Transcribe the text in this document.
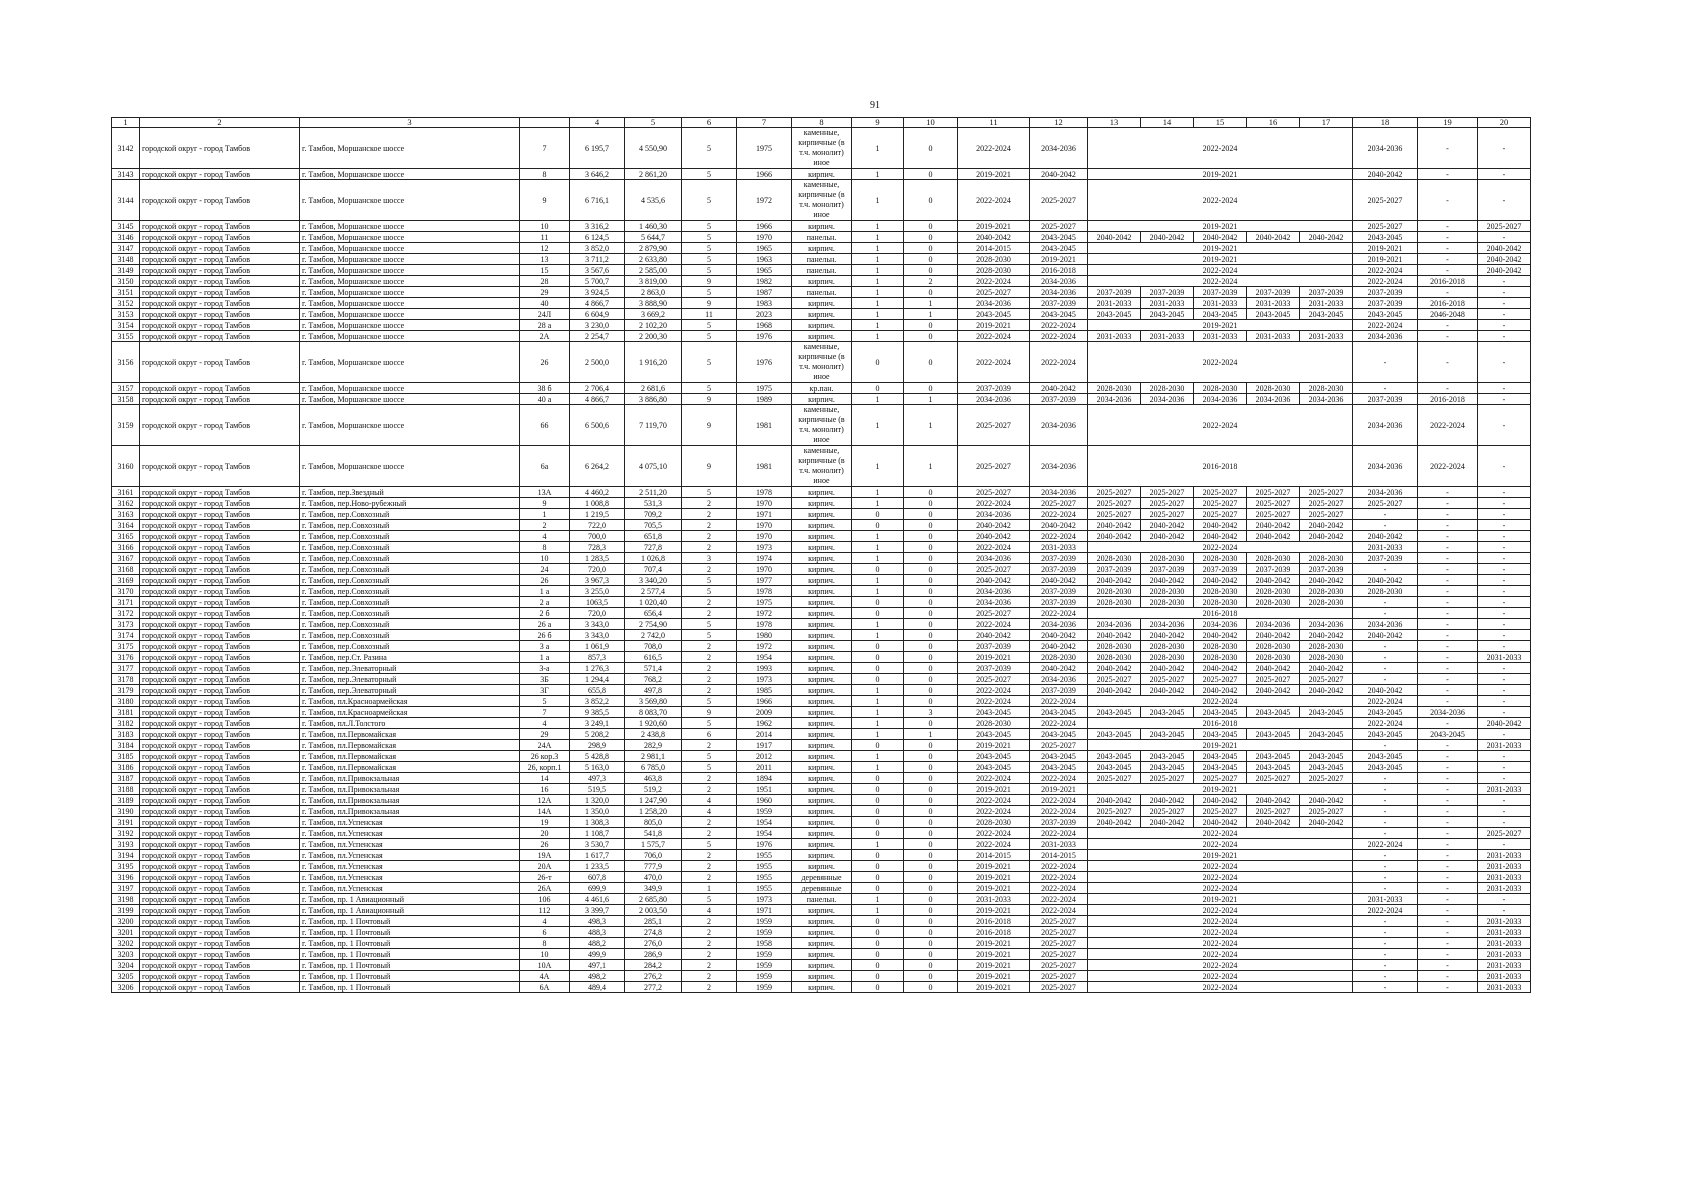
91
1	2	3		4	5	6	7	8	9	10	11	12	13	14	15	16	17	18	19	20
3142	городской округ - город Тамбов	г. Тамбов, Моршанское шоссе	7	6 195,7	4 550,90	5	1975	каменные, кирпичные (в т.ч. монолит) иное	1	0	2022-2024	2034-2036	2022-2024					2034-2036	-	-
3143	городской округ - город Тамбов	г. Тамбов, Моршанское шоссе	8	3 646,2	2 861,20	5	1966	кирпич.	1	0	2019-2021	2040-2042	2019-2021					2040-2042	-	-
3144	городской округ - город Тамбов	г. Тамбов, Моршанское шоссе	9	6 716,1	4 535,6	5	1972	каменные, кирпичные (в т.ч. монолит) иное	1	0	2022-2024	2025-2027	2022-2024					2025-2027	-	-
3145	городской округ - город Тамбов	г. Тамбов, Моршанское шоссе	10	3 316,2	1 460,30	5	1966	кирпич.	1	0	2019-2021	2025-2027	2019-2021					2025-2027	-	2025-2027
3146	городской округ - город Тамбов	г. Тамбов, Моршанское шоссе	11	6 124,5	5 644,7	5	1970	панельн.	1	0	2040-2042	2043-2045	2040-2042	2040-2042	2040-2042	2040-2042	2040-2042	2043-2045	-	-
3147	городской округ - город Тамбов	г. Тамбов, Моршанское шоссе	12	3 852,0	2 879,90	5	1965	кирпич.	1	0	2014-2015	2043-2045	2019-2021					2019-2021	-	2040-2042
3148	городской округ - город Тамбов	г. Тамбов, Моршанское шоссе	13	3 711,2	2 633,80	5	1963	панельн.	1	0	2028-2030	2019-2021	2019-2021					2019-2021	-	2040-2042
3149	городской округ - город Тамбов	г. Тамбов, Моршанское шоссе	15	3 567,6	2 585,00	5	1965	панельн.	1	0	2028-2030	2016-2018	2022-2024					2022-2024	-	2040-2042
3150	городской округ - город Тамбов	г. Тамбов, Моршанское шоссе	28	5 700,7	3 819,00	9	1982	кирпич.	1	2	2022-2024	2034-2036	2022-2024					2022-2024	2016-2018	-
3151	городской округ - город Тамбов	г. Тамбов, Моршанское шоссе	29	3 924,5	2 863,0	5	1987	панельн.	1	0	2025-2027	2034-2036	2037-2039	2037-2039	2037-2039	2037-2039	2037-2039	2037-2039	-	-
3152	городской округ - город Тамбов	г. Тамбов, Моршанское шоссе	40	4 866,7	3 888,90	9	1983	кирпич.	1	1	2034-2036	2037-2039	2031-2033	2031-2033	2031-2033	2031-2033	2031-2033	2037-2039	2016-2018	-
3153	городской округ - город Тамбов	г. Тамбов, Моршанское шоссе	24Л	6 604,9	3 669,2	11	2023	кирпич.	1	1	2043-2045	2043-2045	2043-2045	2043-2045	2043-2045	2043-2045	2043-2045	2043-2045	2046-2048	-
3154	городской округ - город Тамбов	г. Тамбов, Моршанское шоссе	28 а	3 230,0	2 102,20	5	1968	кирпич.	1	0	2019-2021	2022-2024	2019-2021					2022-2024	-	-
3155	городской округ - город Тамбов	г. Тамбов, Моршанское шоссе	2А	2 254,7	2 200,30	5	1976	кирпич.	1	0	2022-2024	2022-2024	2031-2033	2031-2033	2031-2033	2031-2033	2031-2033	2034-2036	-	-
3156	городской округ - город Тамбов	г. Тамбов, Моршанское шоссе	26	2 500,0	1 916,20	5	1976	каменные, кирпичные (в т.ч. монолит) иное	0	0	2022-2024	2022-2024	2022-2024					-	-	-
3157	городской округ - город Тамбов	г. Тамбов, Моршанское шоссе	38 б	2 706,4	2 681,6	5	1975	кр.пан.	0	0	2037-2039	2040-2042	2028-2030	2028-2030	2028-2030	2028-2030	2028-2030	-	-	-
3158	городской округ - город Тамбов	г. Тамбов, Моршанское шоссе	40 а	4 866,7	3 886,80	9	1989	кирпич.	1	1	2034-2036	2037-2039	2034-2036	2034-2036	2034-2036	2034-2036	2034-2036	2037-2039	2016-2018	-
3159	городской округ - город Тамбов	г. Тамбов, Моршанское шоссе	66	6 500,6	7 119,70	9	1981	каменные, кирпичные (в т.ч. монолит) иное	1	1	2025-2027	2034-2036	2022-2024					2034-2036	2022-2024	-
3160	городской округ - город Тамбов	г. Тамбов, Моршанское шоссе	6а	6 264,2	4 075,10	9	1981	каменные, кирпичные (в т.ч. монолит) иное	1	1	2025-2027	2034-2036	2016-2018					2034-2036	2022-2024	-
3161	городской округ - город Тамбов	г. Тамбов, пер.Звездный	13А	4 460,2	2 511,20	5	1978	кирпич.	1	0	2025-2027	2034-2036	2025-2027	2025-2027	2025-2027	2025-2027	2025-2027	2034-2036	-	-
3162	городской округ - город Тамбов	г. Тамбов, пер.Ново-рубежный	9	1 008,8	531,3	2	1970	кирпич.	1	0	2022-2024	2025-2027	2025-2027	2025-2027	2025-2027	2025-2027	2025-2027	2025-2027	-	-
3163	городской округ - город Тамбов	г. Тамбов, пер.Совхозный	1	1 219,5	709,2	2	1971	кирпич.	0	0	2034-2036	2022-2024	2025-2027	2025-2027	2025-2027	2025-2027	2025-2027	-	-	-
3164	городской округ - город Тамбов	г. Тамбов, пер.Совхозный	2	722,0	705,5	2	1970	кирпич.	0	0	2040-2042	2040-2042	2040-2042	2040-2042	2040-2042	2040-2042	2040-2042	-	-	-
3165	городской округ - город Тамбов	г. Тамбов, пер.Совхозный	4	700,0	651,8	2	1970	кирпич.	1	0	2040-2042	2022-2024	2040-2042	2040-2042	2040-2042	2040-2042	2040-2042	2040-2042	-	-
3166	городской округ - город Тамбов	г. Тамбов, пер.Совхозный	8	728,3	727,8	2	1973	кирпич.	1	0	2022-2024	2031-2033	2022-2024					2031-2033	-	-
3167	городской округ - город Тамбов	г. Тамбов, пер.Совхозный	10	1 283,5	1 026,8	3	1974	кирпич.	1	0	2034-2036	2037-2039	2028-2030	2028-2030	2028-2030	2028-2030	2028-2030	2037-2039	-	-
3168	городской округ - город Тамбов	г. Тамбов, пер.Совхозный	24	720,0	707,4	2	1970	кирпич.	0	0	2025-2027	2037-2039	2037-2039	2037-2039	2037-2039	2037-2039	2037-2039	-	-	-
3169	городской округ - город Тамбов	г. Тамбов, пер.Совхозный	26	3 967,3	3 340,20	5	1977	кирпич.	1	0	2040-2042	2040-2042	2040-2042	2040-2042	2040-2042	2040-2042	2040-2042	2040-2042	-	-
3170	городской округ - город Тамбов	г. Тамбов, пер.Совхозный	1 а	3 255,0	2 577,4	5	1978	кирпич.	1	0	2034-2036	2037-2039	2028-2030	2028-2030	2028-2030	2028-2030	2028-2030	2028-2030	-	-
3171	городской округ - город Тамбов	г. Тамбов, пер.Совхозный	2 а	1063,5	1 020,40	2	1975	кирпич.	0	0	2034-2036	2037-2039	2028-2030	2028-2030	2028-2030	2028-2030	2028-2030	-	-	-
3172	городской округ - город Тамбов	г. Тамбов, пер.Совхозный	2 б	720,0	656,4	2	1972	кирпич.	0	0	2025-2027	2022-2024	2016-2018					-	-	-
3173	городской округ - город Тамбов	г. Тамбов, пер.Совхозный	26 а	3 343,0	2 754,90	5	1978	кирпич.	1	0	2022-2024	2034-2036	2034-2036	2034-2036	2034-2036	2034-2036	2034-2036	2034-2036	-	-
3174	городской округ - город Тамбов	г. Тамбов, пер.Совхозный	26 б	3 343,0	2 742,0	5	1980	кирпич.	1	0	2040-2042	2040-2042	2040-2042	2040-2042	2040-2042	2040-2042	2040-2042	2040-2042	-	-
3175	городской округ - город Тамбов	г. Тамбов, пер.Совхозный	3 а	1 061,9	708,0	2	1972	кирпич.	0	0	2037-2039	2040-2042	2028-2030	2028-2030	2028-2030	2028-2030	2028-2030	-	-	-
3176	городской округ - город Тамбов	г. Тамбов, пер.Ст. Разина	1 а	857,3	616,5	2	1954	кирпич.	0	0	2019-2021	2028-2030	2028-2030	2028-2030	2028-2030	2028-2030	2028-2030	-	-	2031-2033
3177	городской округ - город Тамбов	г. Тамбов, пер.Элеваторный	3-а	1 276,3	571,4	2	1993	кирпич.	0	0	2037-2039	2040-2042	2040-2042	2040-2042	2040-2042	2040-2042	2040-2042	-	-	-
3178	городской округ - город Тамбов	г. Тамбов, пер.Элеваторный	3Б	1 294,4	768,2	2	1973	кирпич.	0	0	2025-2027	2034-2036	2025-2027	2025-2027	2025-2027	2025-2027	2025-2027	-	-	-
3179	городской округ - город Тамбов	г. Тамбов, пер.Элеваторный	3Г	655,8	497,8	2	1985	кирпич.	1	0	2022-2024	2037-2039	2040-2042	2040-2042	2040-2042	2040-2042	2040-2042	2040-2042	-	-
3180	городской округ - город Тамбов	г. Тамбов, пл.Красноармейская	5	3 852,2	3 569,80	5	1966	кирпич.	1	0	2022-2024	2022-2024	2022-2024					2022-2024	-	-
3181	городской округ - город Тамбов	г. Тамбов, пл.Красноармейская	7	9 385,5	8 083,70	9	2009	кирпич.	1	3	2043-2045	2043-2045	2043-2045	2043-2045	2043-2045	2043-2045	2043-2045	2043-2045	2034-2036	-
3182	городской округ - город Тамбов	г. Тамбов, пл.Л.Толстого	4	3 249,1	1 920,60	5	1962	кирпич.	1	0	2028-2030	2022-2024	2016-2018					2022-2024	-	2040-2042
3183	городской округ - город Тамбов	г. Тамбов, пл.Первомайская	29	5 208,2	2 438,8	6	2014	кирпич.	1	1	2043-2045	2043-2045	2043-2045	2043-2045	2043-2045	2043-2045	2043-2045	2043-2045	2043-2045	-
3184	городской округ - город Тамбов	г. Тамбов, пл.Первомайская	24А	298,9	282,9	2	1917	кирпич.	0	0	2019-2021	2025-2027	2019-2021					-	-	2031-2033
3185	городской округ - город Тамбов	г. Тамбов, пл.Первомайская	26 кор.3	5 428,8	2 981,1	5	2012	кирпич.	1	0	2043-2045	2043-2045	2043-2045	2043-2045	2043-2045	2043-2045	2043-2045	2043-2045	-	-
3186	городской округ - город Тамбов	г. Тамбов, пл.Первомайская	26, корп.1	5 163,0	6 785,0	5	2011	кирпич.	1	0	2043-2045	2043-2045	2043-2045	2043-2045	2043-2045	2043-2045	2043-2045	2043-2045	-	-
3187	городской округ - город Тамбов	г. Тамбов, пл.Привокзальная	14	497,3	463,8	2	1894	кирпич.	0	0	2022-2024	2022-2024	2025-2027	2025-2027	2025-2027	2025-2027	2025-2027	-	-	-
3188	городской округ - город Тамбов	г. Тамбов, пл.Привокзальная	16	519,5	519,2	2	1951	кирпич.	0	0	2019-2021	2019-2021	2019-2021					-	-	2031-2033
3189	городской округ - город Тамбов	г. Тамбов, пл.Привокзальная	12А	1 320,0	1 247,90	4	1960	кирпич.	0	0	2022-2024	2022-2024	2040-2042	2040-2042	2040-2042	2040-2042	2040-2042	-	-	-
3190	городской округ - город Тамбов	г. Тамбов, пл.Привокзальная	14А	1 350,0	1 258,20	4	1959	кирпич.	0	0	2022-2024	2022-2024	2025-2027	2025-2027	2025-2027	2025-2027	2025-2027	-	-	-
3191	городской округ - город Тамбов	г. Тамбов, пл.Успенская	19	1 308,3	805,0	2	1954	кирпич.	0	0	2028-2030	2037-2039	2040-2042	2040-2042	2040-2042	2040-2042	2040-2042	-	-	-
3192	городской округ - город Тамбов	г. Тамбов, пл.Успенская	20	1 108,7	541,8	2	1954	кирпич.	0	0	2022-2024	2022-2024	2022-2024					-	-	2025-2027
3193	городской округ - город Тамбов	г. Тамбов, пл.Успенская	26	3 530,7	1 575,7	5	1976	кирпич.	1	0	2022-2024	2031-2033	2022-2024					2022-2024	-	-
3194	городской округ - город Тамбов	г. Тамбов, пл.Успенская	19А	1 617,7	706,0	2	1955	кирпич.	0	0	2014-2015	2014-2015	2019-2021					-	-	2031-2033
3195	городской округ - город Тамбов	г. Тамбов, пл.Успенская	20А	1 233,5	777,9	2	1955	кирпич.	0	0	2019-2021	2022-2024	2022-2024					-	-	2031-2033
3196	городской округ - город Тамбов	г. Тамбов, пл.Успенская	26-т	607,8	470,0	2	1955	деревянные	0	0	2019-2021	2022-2024	2022-2024					-	-	2031-2033
3197	городской округ - город Тамбов	г. Тамбов, пл.Успенская	26А	699,9	349,9	1	1955	деревянные	0	0	2019-2021	2022-2024	2022-2024					-	-	2031-2033
3198	городской округ - город Тамбов	г. Тамбов, пр. 1 Авиационный	106	4 461,6	2 685,80	5	1973	панельн.	1	0	2031-2033	2022-2024	2019-2021					2031-2033	-	-
3199	городской округ - город Тамбов	г. Тамбов, пр. 1 Авиационный	112	3 399,7	2 003,50	4	1971	кирпич.	1	0	2019-2021	2022-2024	2022-2024					2022-2024	-	-
3200	городской округ - город Тамбов	г. Тамбов, пр. 1 Почтовый	4	498,3	285,1	2	1959	кирпич.	0	0	2016-2018	2025-2027	2022-2024					-	-	2031-2033
3201	городской округ - город Тамбов	г. Тамбов, пр. 1 Почтовый	6	488,3	274,8	2	1959	кирпич.	0	0	2016-2018	2025-2027	2022-2024					-	-	2031-2033
3202	городской округ - город Тамбов	г. Тамбов, пр. 1 Почтовый	8	488,2	276,0	2	1958	кирпич.	0	0	2019-2021	2025-2027	2022-2024					-	-	2031-2033
3203	городской округ - город Тамбов	г. Тамбов, пр. 1 Почтовый	10	499,9	286,9	2	1959	кирпич.	0	0	2019-2021	2025-2027	2022-2024					-	-	2031-2033
3204	городской округ - город Тамбов	г. Тамбов, пр. 1 Почтовый	10А	497,1	284,2	2	1959	кирпич.	0	0	2019-2021	2025-2027	2022-2024					-	-	2031-2033
3205	городской округ - город Тамбов	г. Тамбов, пр. 1 Почтовый	4А	498,2	276,2	2	1959	кирпич.	0	0	2019-2021	2025-2027	2022-2024					-	-	2031-2033
3206	городской округ - город Тамбов	г. Тамбов, пр. 1 Почтовый	6А	489,4	277,2	2	1959	кирпич.	0	0	2019-2021	2025-2027	2022-2024					-	-	2031-2033
